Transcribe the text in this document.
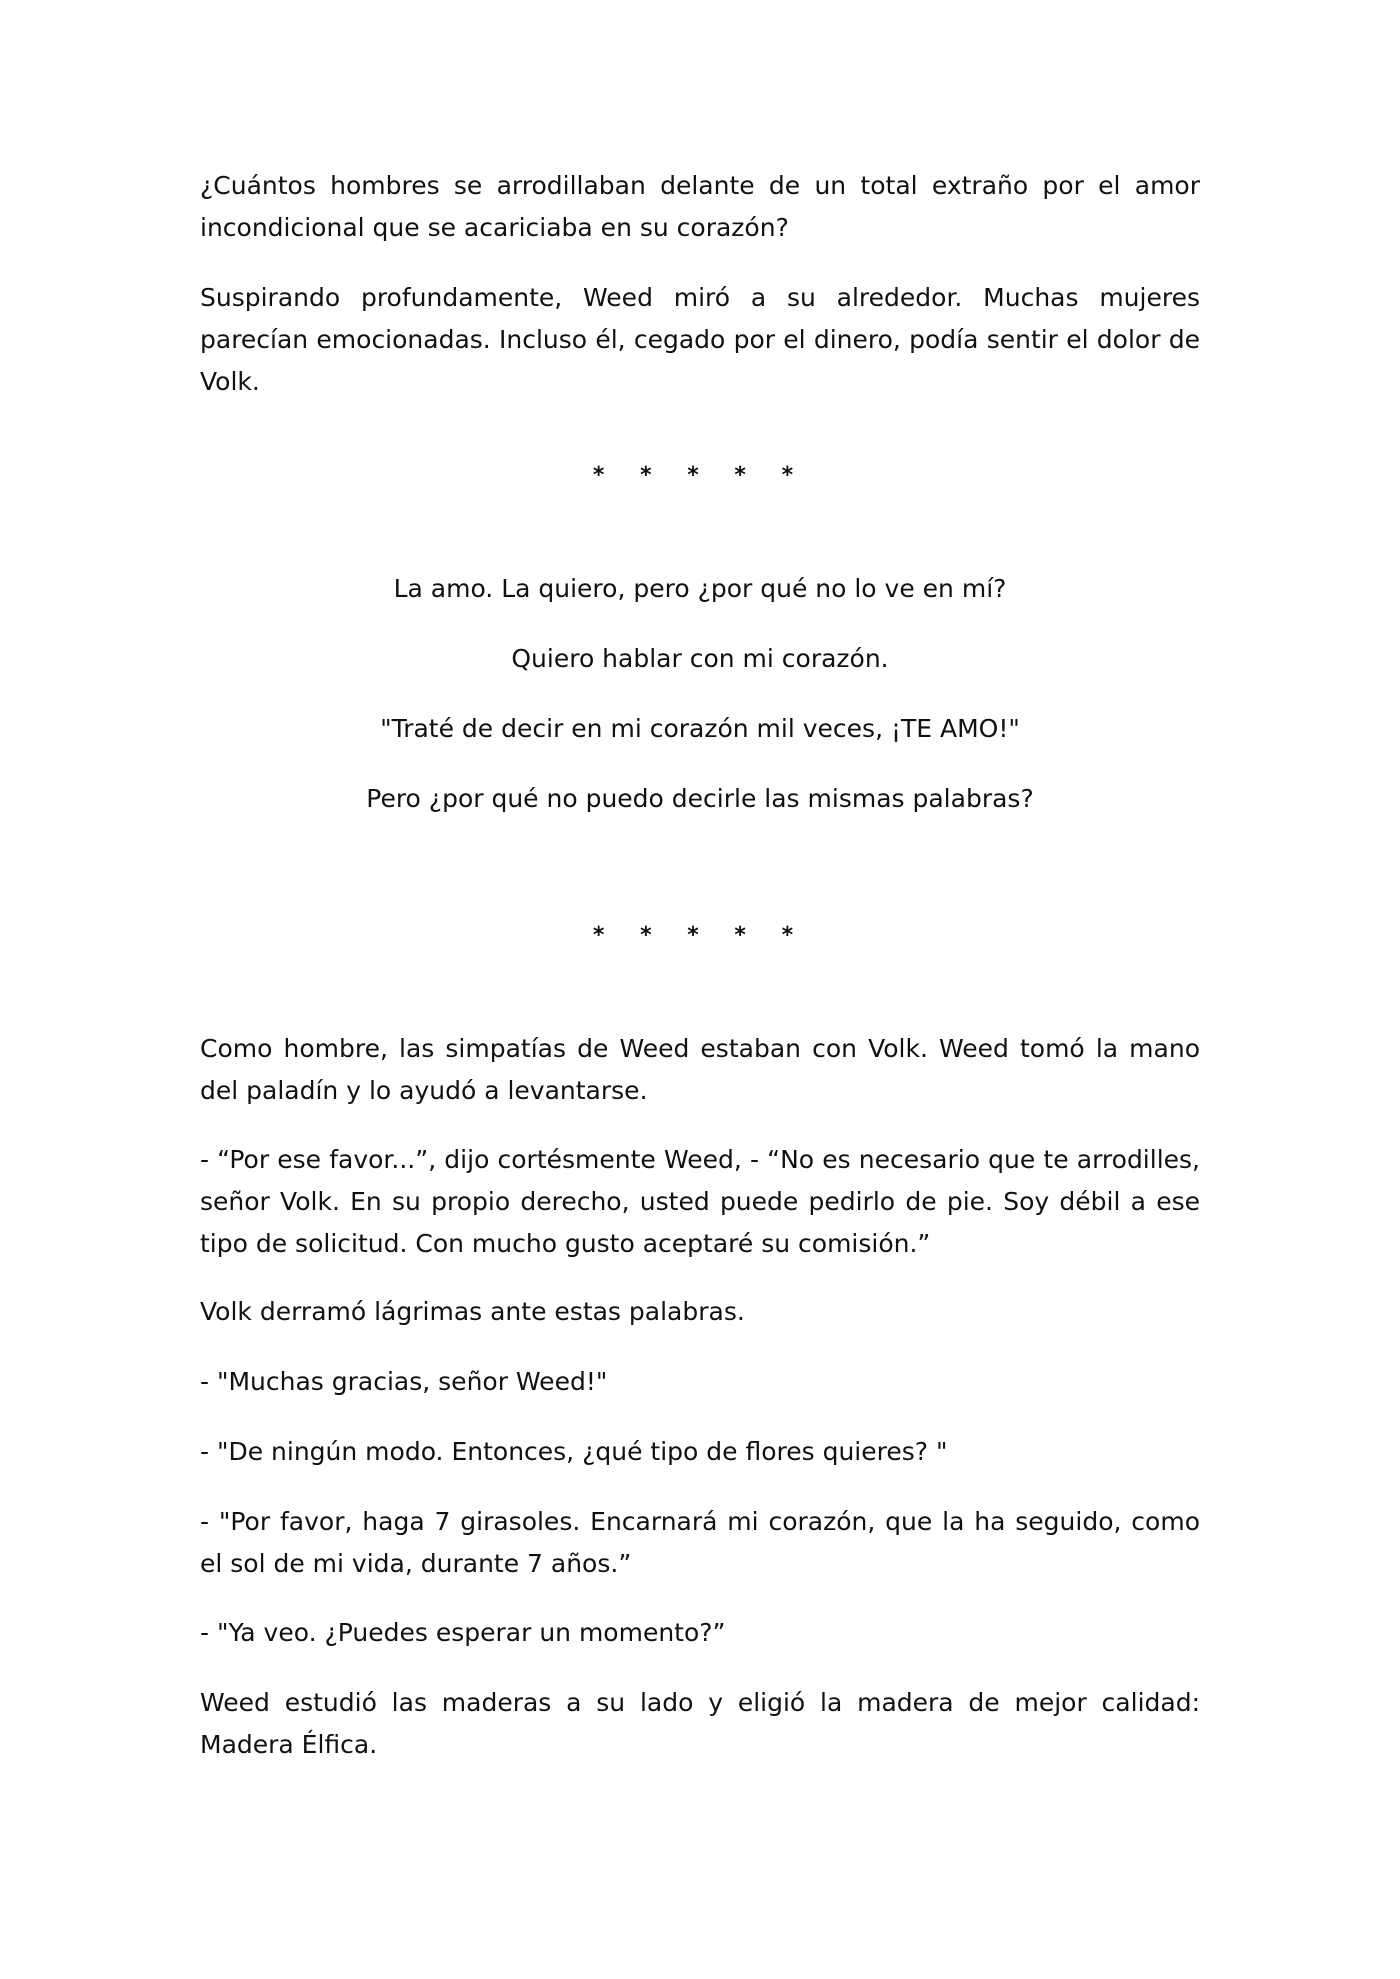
¿Cuántos hombres se arrodillaban delante de un total extraño por el amor incondicional que se acariciaba en su corazón?

Suspirando profundamente, Weed miró a su alrededor. Muchas mujeres parecían emocionadas. Incluso él, cegado por el dinero, podía sentir el dolor de Volk.

* * * * *

La amo. La quiero, pero ¿por qué no lo ve en mí?

Quiero hablar con mi corazón.

"Traté de decir en mi corazón mil veces, ¡TE AMO!"

Pero ¿por qué no puedo decirle las mismas palabras?

* * * * *

Como hombre, las simpatías de Weed estaban con Volk. Weed tomó la mano del paladín y lo ayudó a levantarse.

- “Por ese favor...”, dijo cortésmente Weed, - “No es necesario que te arrodilles, señor Volk. En su propio derecho, usted puede pedirlo de pie. Soy débil a ese tipo de solicitud. Con mucho gusto aceptaré su comisión.”

Volk derramó lágrimas ante estas palabras.

- "Muchas gracias, señor Weed!"

- "De ningún modo. Entonces, ¿qué tipo de flores quieres? "

- "Por favor, haga 7 girasoles. Encarnará mi corazón, que la ha seguido, como el sol de mi vida, durante 7 años.”

- "Ya veo. ¿Puedes esperar un momento?”

Weed estudió las maderas a su lado y eligió la madera de mejor calidad: Madera Élfica.
